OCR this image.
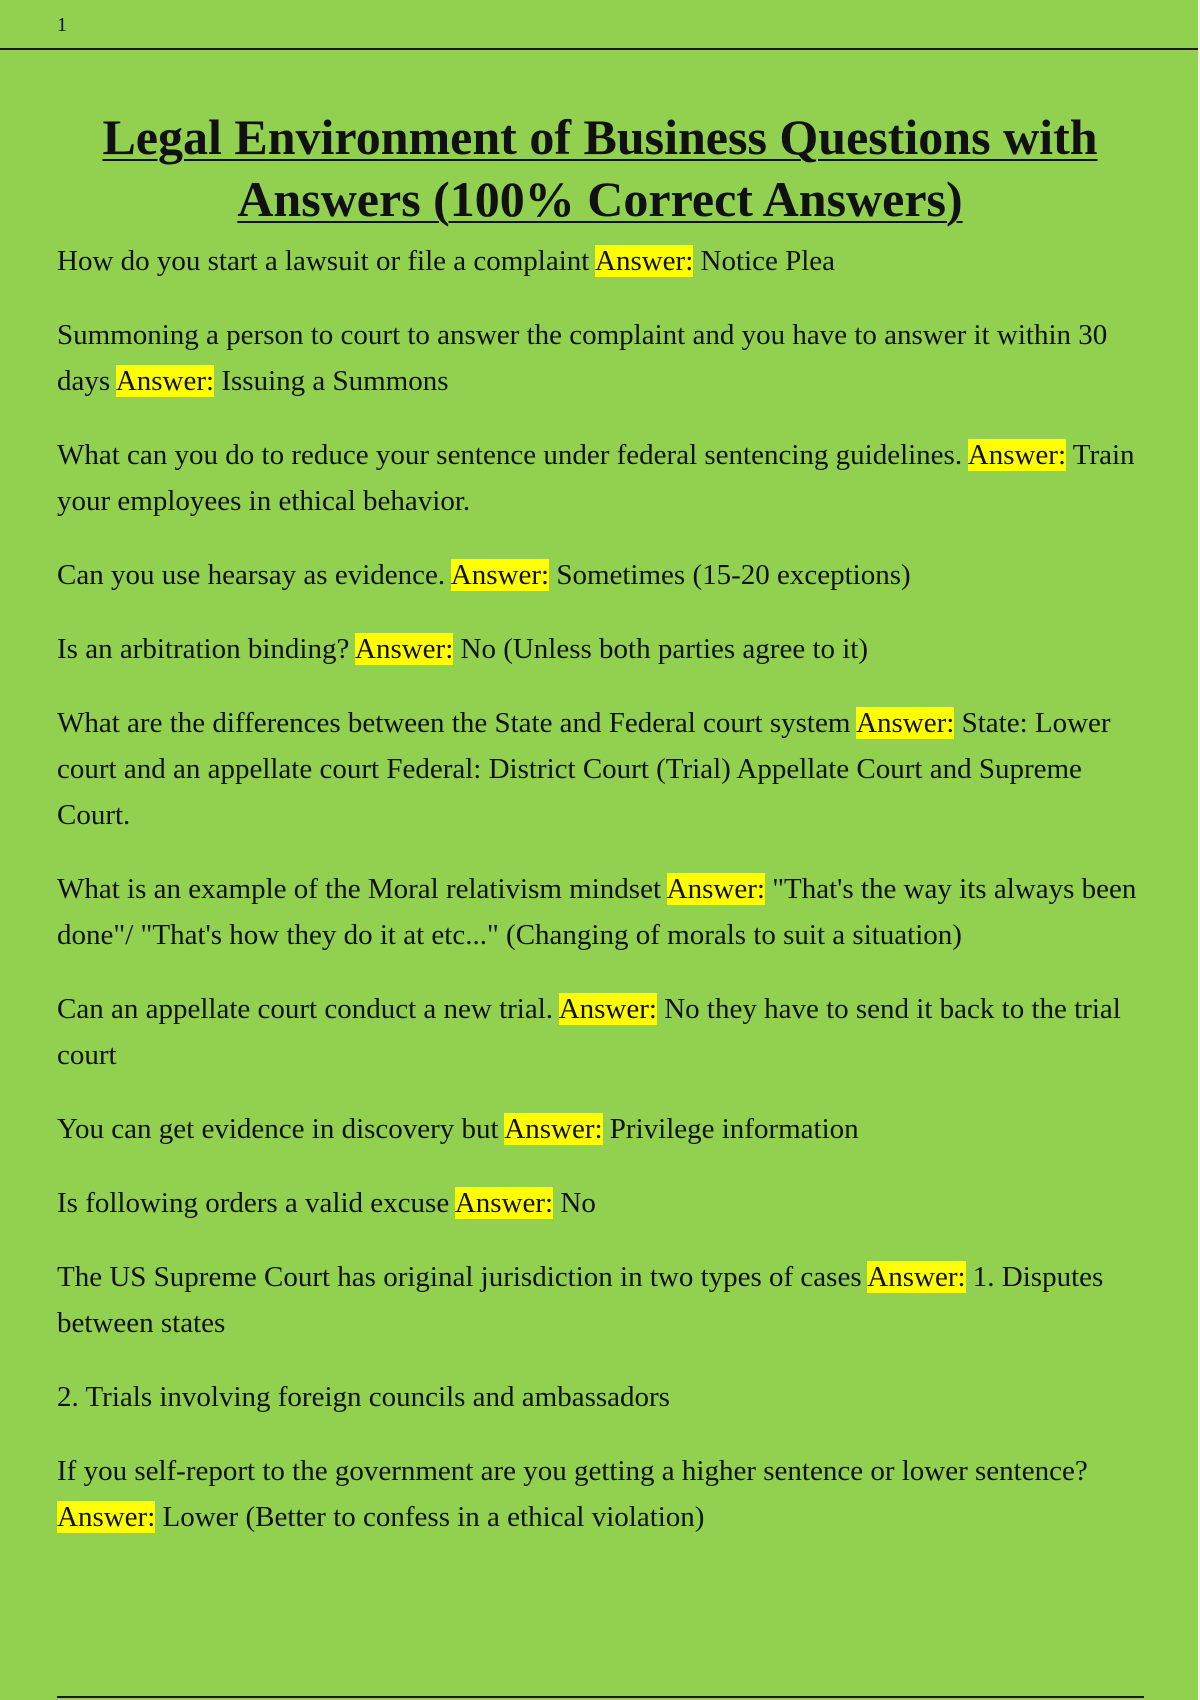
1
Legal Environment of Business Questions with Answers (100% Correct Answers)

How do you start a lawsuit or file a complaint Answer: Notice Plea

Summoning a person to court to answer the complaint and you have to answer it within 30 days Answer: Issuing a Summons

What can you do to reduce your sentence under federal sentencing guidelines. Answer: Train your employees in ethical behavior.

Can you use hearsay as evidence. Answer: Sometimes (15-20 exceptions)

Is an arbitration binding? Answer: No (Unless both parties agree to it)

What are the differences between the State and Federal court system Answer: State: Lower court and an appellate court Federal: District Court (Trial) Appellate Court and Supreme Court.

What is an example of the Moral relativism mindset Answer: "That's the way its always been done"/ "That's how they do it at etc..." (Changing of morals to suit a situation)

Can an appellate court conduct a new trial. Answer: No they have to send it back to the trial court

You can get evidence in discovery but Answer: Privilege information

Is following orders a valid excuse Answer: No

The US Supreme Court has original jurisdiction in two types of cases Answer: 1. Disputes between states

2. Trials involving foreign councils and ambassadors

If you self-report to the government are you getting a higher sentence or lower sentence? Answer: Lower (Better to confess in a ethical violation)
